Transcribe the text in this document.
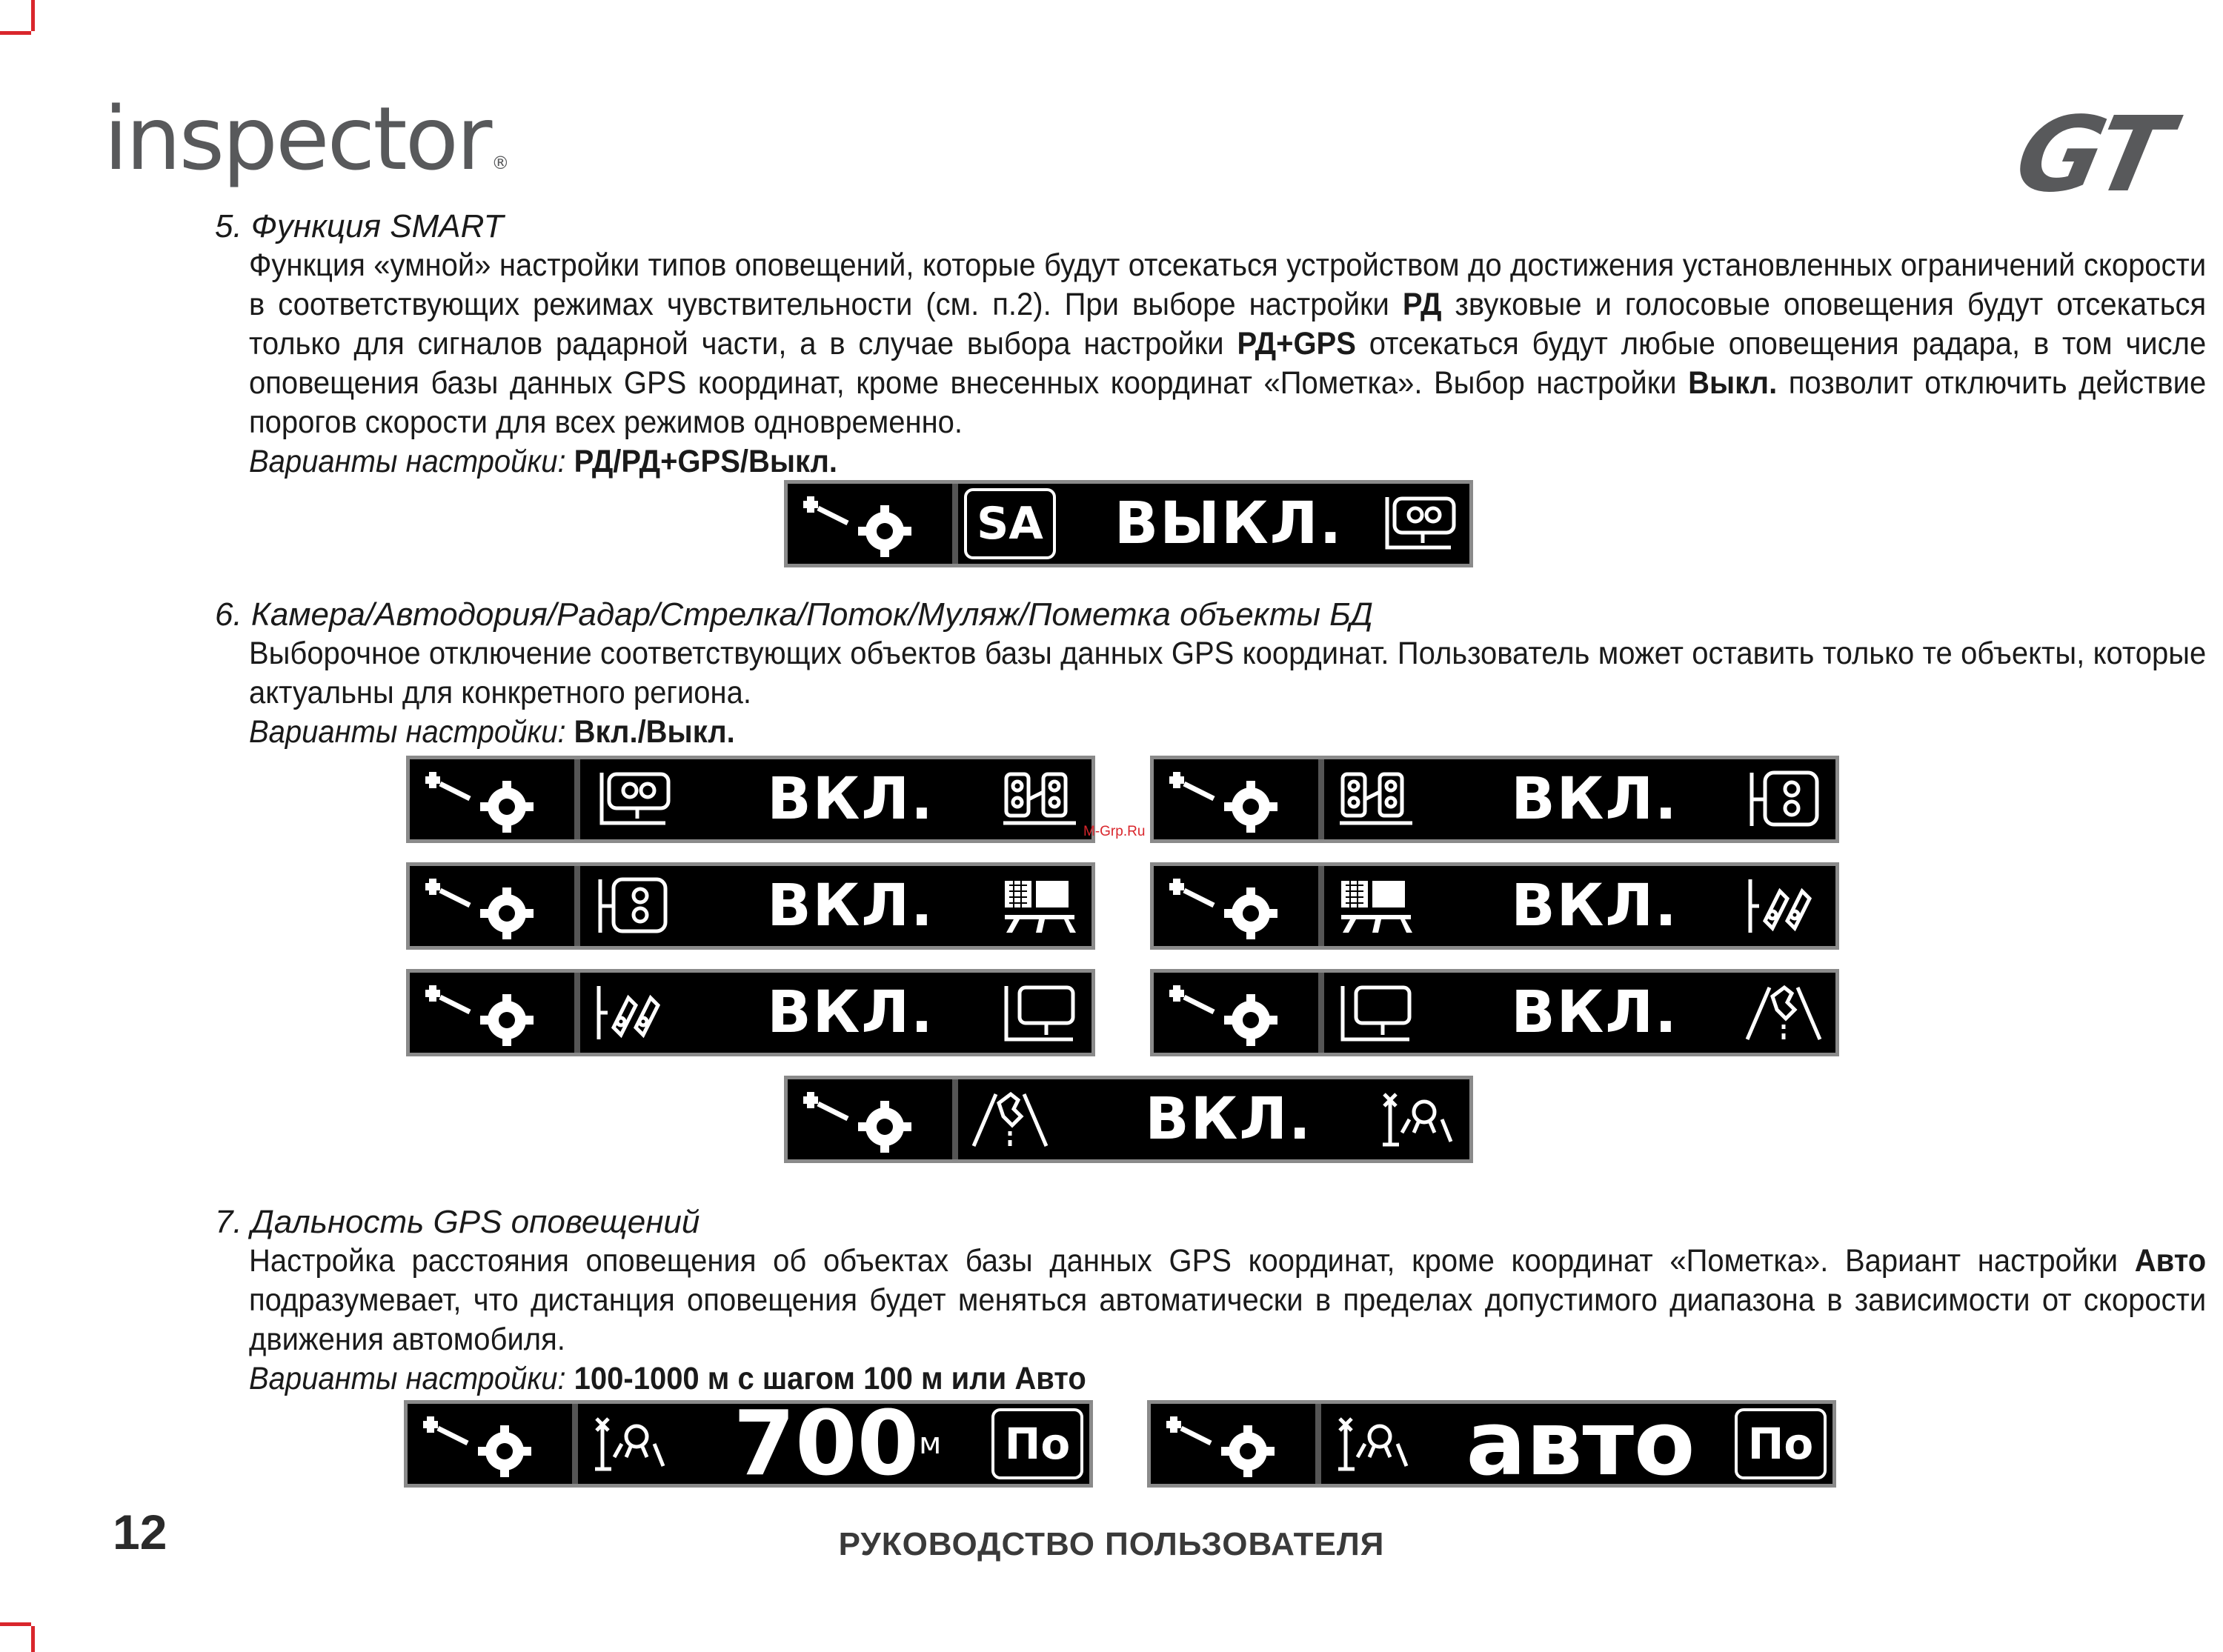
inspector®	GT
5. Функция SMART

Функция «умной» настройки типов оповещений, которые будут отсекаться устройством до достижения установленных ограничений скорости в соответствующих режимах чувствительности (см. п.2). При выборе настройки РД звуковые и голосовые оповещения будут отсекаться только для сигналов радарной части, а в случае выбора настройки РД+GPS отсекаться будут любые оповещения радара, в том числе оповещения базы данных GPS координат, кроме внесенных координат «Пометка». Выбор настройки Выкл. позволит отключить действие порогов скорости для всех режимов одновременно.

Варианты настройки: РД/РД+GPS/Выкл.
6. Камера/Автодория/Радар/Стрелка/Поток/Муляж/Пометка объекты БД

Выборочное отключение соответствующих объектов базы данных GPS координат. Пользователь может оставить только те объекты, которые актуальны для конкретного региона.

Варианты настройки: Вкл./Выкл.
7. Дальность GPS оповещений

Настройка расстояния оповещения об объектах базы данных GPS координат, кроме координат «Пометка». Вариант настройки Авто подразумевает, что дистанция оповещения будет меняться автоматически в пределах допустимого диапазона в зависимости от скорости движения автомобиля.

Варианты настройки: 100-1000 м с шагом 100 м или Авто
SA	ВЫКЛ.
ВКЛ.	ВКЛ.
ВКЛ.	ВКЛ.
ВКЛ.	ВКЛ.
ВКЛ.
700 м	По	авто	По
M-Grp.Ru
12	РУКОВОДСТВО ПОЛЬЗОВАТЕЛЯ
